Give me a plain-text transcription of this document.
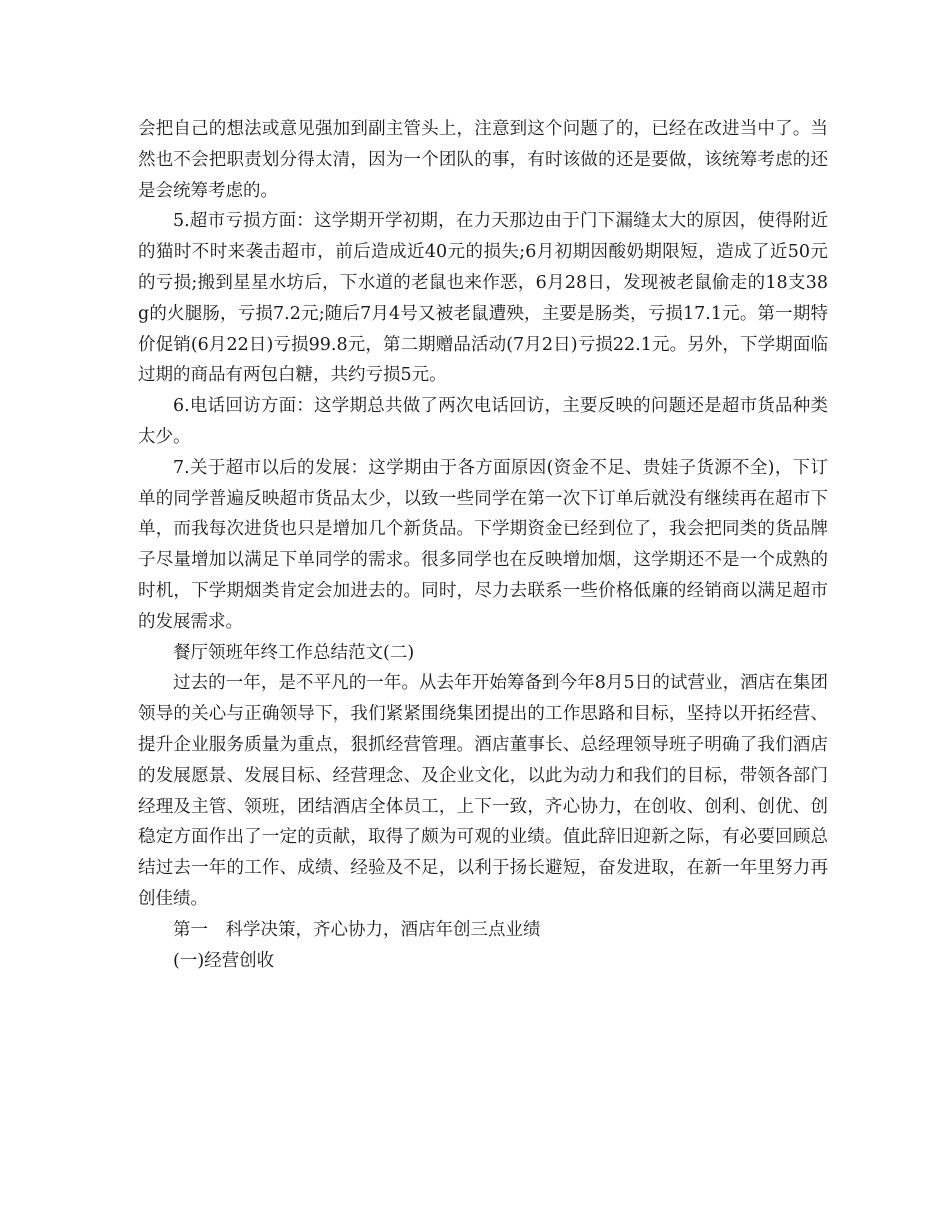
会把自己的想法或意见强加到副主管头上，注意到这个问题了的，已经在改进当中了。当然也不会把职责划分得太清，因为一个团队的事，有时该做的还是要做，该统筹考虑的还是会统筹考虑的。

5.超市亏损方面：这学期开学初期，在力天那边由于门下漏缝太大的原因，使得附近的猫时不时来袭击超市，前后造成近40元的损失;6月初期因酸奶期限短，造成了近50元的亏损;搬到星星水坊后，下水道的老鼠也来作恶，6月28日，发现被老鼠偷走的18支38g的火腿肠，亏损7.2元;随后7月4号又被老鼠遭殃，主要是肠类，亏损17.1元。第一期特价促销(6月22日)亏损99.8元，第二期赠品活动(7月2日)亏损22.1元。另外，下学期面临过期的商品有两包白糖，共约亏损5元。

6.电话回访方面：这学期总共做了两次电话回访，主要反映的问题还是超市货品种类太少。

7.关于超市以后的发展：这学期由于各方面原因(资金不足、贵娃子货源不全)，下订单的同学普遍反映超市货品太少，以致一些同学在第一次下订单后就没有继续再在超市下单，而我每次进货也只是增加几个新货品。下学期资金已经到位了，我会把同类的货品牌子尽量增加以满足下单同学的需求。很多同学也在反映增加烟，这学期还不是一个成熟的时机，下学期烟类肯定会加进去的。同时，尽力去联系一些价格低廉的经销商以满足超市的发展需求。

餐厅领班年终工作总结范文(二)

过去的一年，是不平凡的一年。从去年开始筹备到今年8月5日的试营业，酒店在集团领导的关心与正确领导下，我们紧紧围绕集团提出的工作思路和目标，坚持以开拓经营、提升企业服务质量为重点，狠抓经营管理。酒店董事长、总经理领导班子明确了我们酒店的发展愿景、发展目标、经营理念、及企业文化，以此为动力和我们的目标，带领各部门经理及主管、领班，团结酒店全体员工，上下一致，齐心协力，在创收、创利、创优、创稳定方面作出了一定的贡献，取得了颇为可观的业绩。值此辞旧迎新之际，有必要回顾总结过去一年的工作、成绩、经验及不足，以利于扬长避短，奋发进取，在新一年里努力再创佳绩。

第一　科学决策，齐心协力，酒店年创三点业绩

(一)经营创收
